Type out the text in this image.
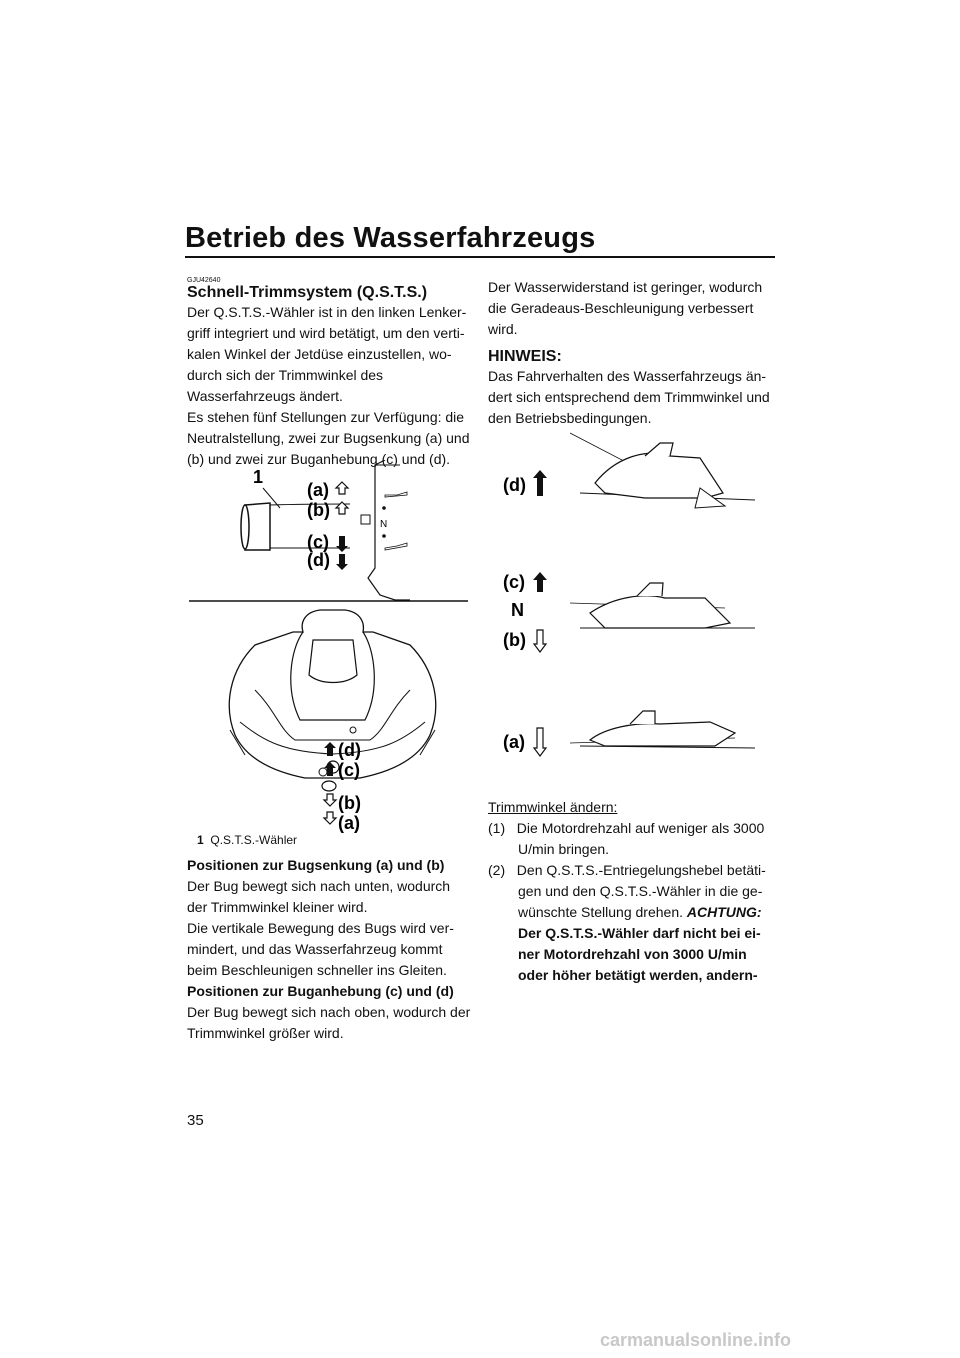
Betrieb des Wasserfahrzeugs
GJU42640
Schnell-Trimmsystem (Q.S.T.S.)
Der Q.S.T.S.-Wähler ist in den linken Lenker-griff integriert und wird betätigt, um den verti-kalen Winkel der Jetdüse einzustellen, wo-durch sich der Trimmwinkel des Wasserfahrzeugs ändert.
Es stehen fünf Stellungen zur Verfügung: die Neutralstellung, zwei zur Bugsenkung (a) und (b) und zwei zur Buganhebung (c) und (d).
1
N
(a)
(b)
(c)
(d)
(d)
(c)
(b)
(a)
1 Q.S.T.S.-Wähler
Positionen zur Bugsenkung (a) und (b)
Der Bug bewegt sich nach unten, wodurch der Trimmwinkel kleiner wird.
Die vertikale Bewegung des Bugs wird ver-mindert, und das Wasserfahrzeug kommt beim Beschleunigen schneller ins Gleiten.
Positionen zur Buganhebung (c) und (d)
Der Bug bewegt sich nach oben, wodurch der Trimmwinkel größer wird.
Der Wasserwiderstand ist geringer, wodurch die Geradeaus-Beschleunigung verbessert wird.
HINWEIS:
Das Fahrverhalten des Wasserfahrzeugs än-dert sich entsprechend dem Trimmwinkel und den Betriebsbedingungen.
(d)
(c)
N
(b)
(a)
Trimmwinkel ändern:
(1) Die Motordrehzahl auf weniger als 3000 U/min bringen.
(2) Den Q.S.T.S.-Entriegelungshebel betäti-gen und den Q.S.T.S.-Wähler in die ge-wünschte Stellung drehen. ACHTUNG: Der Q.S.T.S.-Wähler darf nicht bei ei-ner Motordrehzahl von 3000 U/min oder höher betätigt werden, andern-
35
carmanualsonline.info
